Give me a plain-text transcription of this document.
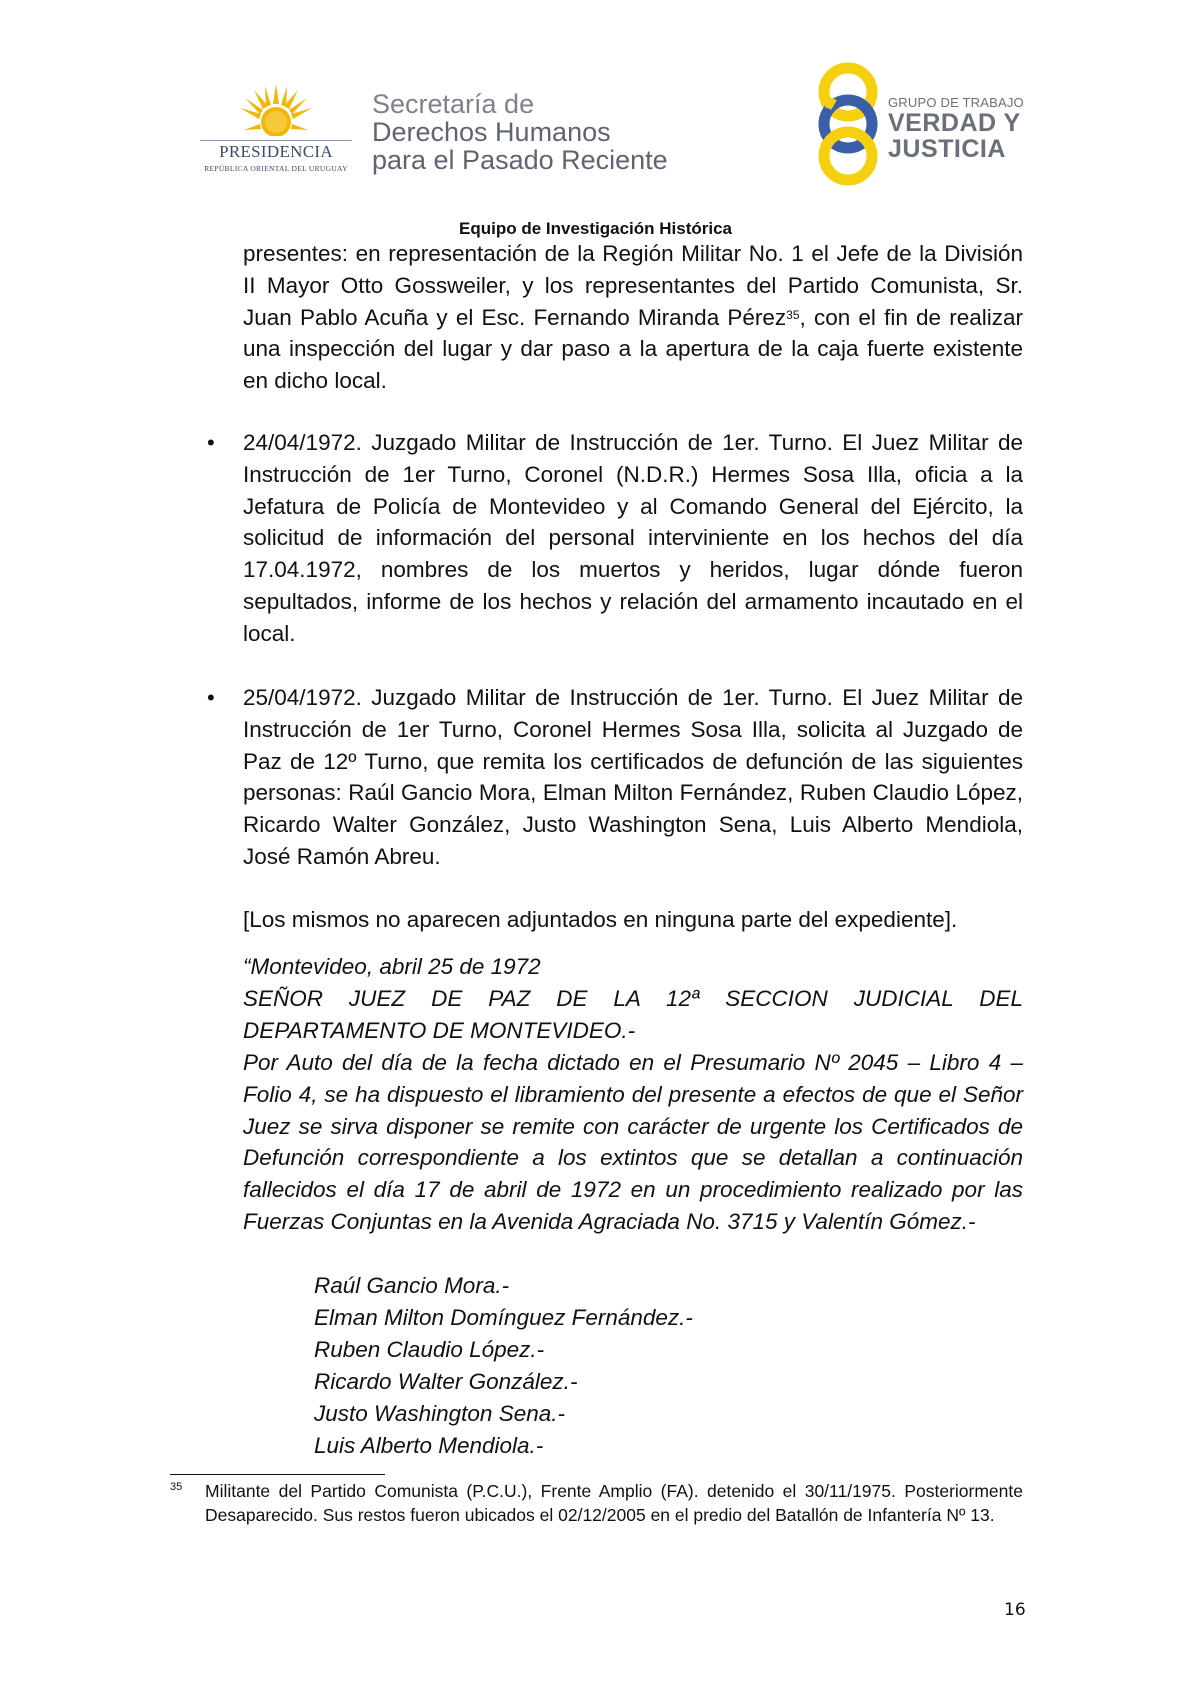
PRESIDENCIA
REPÚBLICA ORIENTAL DEL URUGUAY
Secretaría de
Derechos Humanos
para el Pasado Reciente
GRUPO DE TRABAJO
VERDAD Y
JUSTICIA
Equipo de Investigación Histórica
presentes: en representación de la Región Militar No. 1 el Jefe de la División II Mayor Otto Gossweiler, y los representantes del Partido Comunista, Sr. Juan Pablo Acuña y el Esc. Fernando Miranda Pérez$^{35}$, con el fin de realizar una inspección del lugar y dar paso a la apertura de la caja fuerte existente en dicho local.
• 24/04/1972. Juzgado Militar de Instrucción de 1er. Turno. El Juez Militar de Instrucción de 1er Turno, Coronel (N.D.R.) Hermes Sosa Illa, oficia a la Jefatura de Policía de Montevideo y al Comando General del Ejército, la solicitud de información del personal interviniente en los hechos del día 17.04.1972, nombres de los muertos y heridos, lugar dónde fueron sepultados, informe de los hechos y relación del armamento incautado en el local.
• 25/04/1972. Juzgado Militar de Instrucción de 1er. Turno. El Juez Militar de Instrucción de 1er Turno, Coronel Hermes Sosa Illa, solicita al Juzgado de Paz de 12º Turno, que remita los certificados de defunción de las siguientes personas: Raúl Gancio Mora, Elman Milton Fernández, Ruben Claudio López, Ricardo Walter González, Justo Washington Sena, Luis Alberto Mendiola, José Ramón Abreu.
[Los mismos no aparecen adjuntados en ninguna parte del expediente].
“Montevideo, abril 25 de 1972
SEÑOR JUEZ DE PAZ DE LA 12ª SECCION JUDICIAL DEL DEPARTAMENTO DE MONTEVIDEO.-
Por Auto del día de la fecha dictado en el Presumario Nº 2045 – Libro 4 – Folio 4, se ha dispuesto el libramiento del presente a efectos de que el Señor Juez se sirva disponer se remite con carácter de urgente los Certificados de Defunción correspondiente a los extintos que se detallan a continuación fallecidos el día 17 de abril de 1972 en un procedimiento realizado por las Fuerzas Conjuntas en la Avenida Agraciada No. 3715 y Valentín Gómez.-
Raúl Gancio Mora.-
Elman Milton Domínguez Fernández.-
Ruben Claudio López.-
Ricardo Walter González.-
Justo Washington Sena.-
Luis Alberto Mendiola.-
35 Militante del Partido Comunista (P.C.U.), Frente Amplio (FA). detenido el 30/11/1975. Posteriormente Desaparecido. Sus restos fueron ubicados el 02/12/2005 en el predio del Batallón de Infantería Nº 13.
16
